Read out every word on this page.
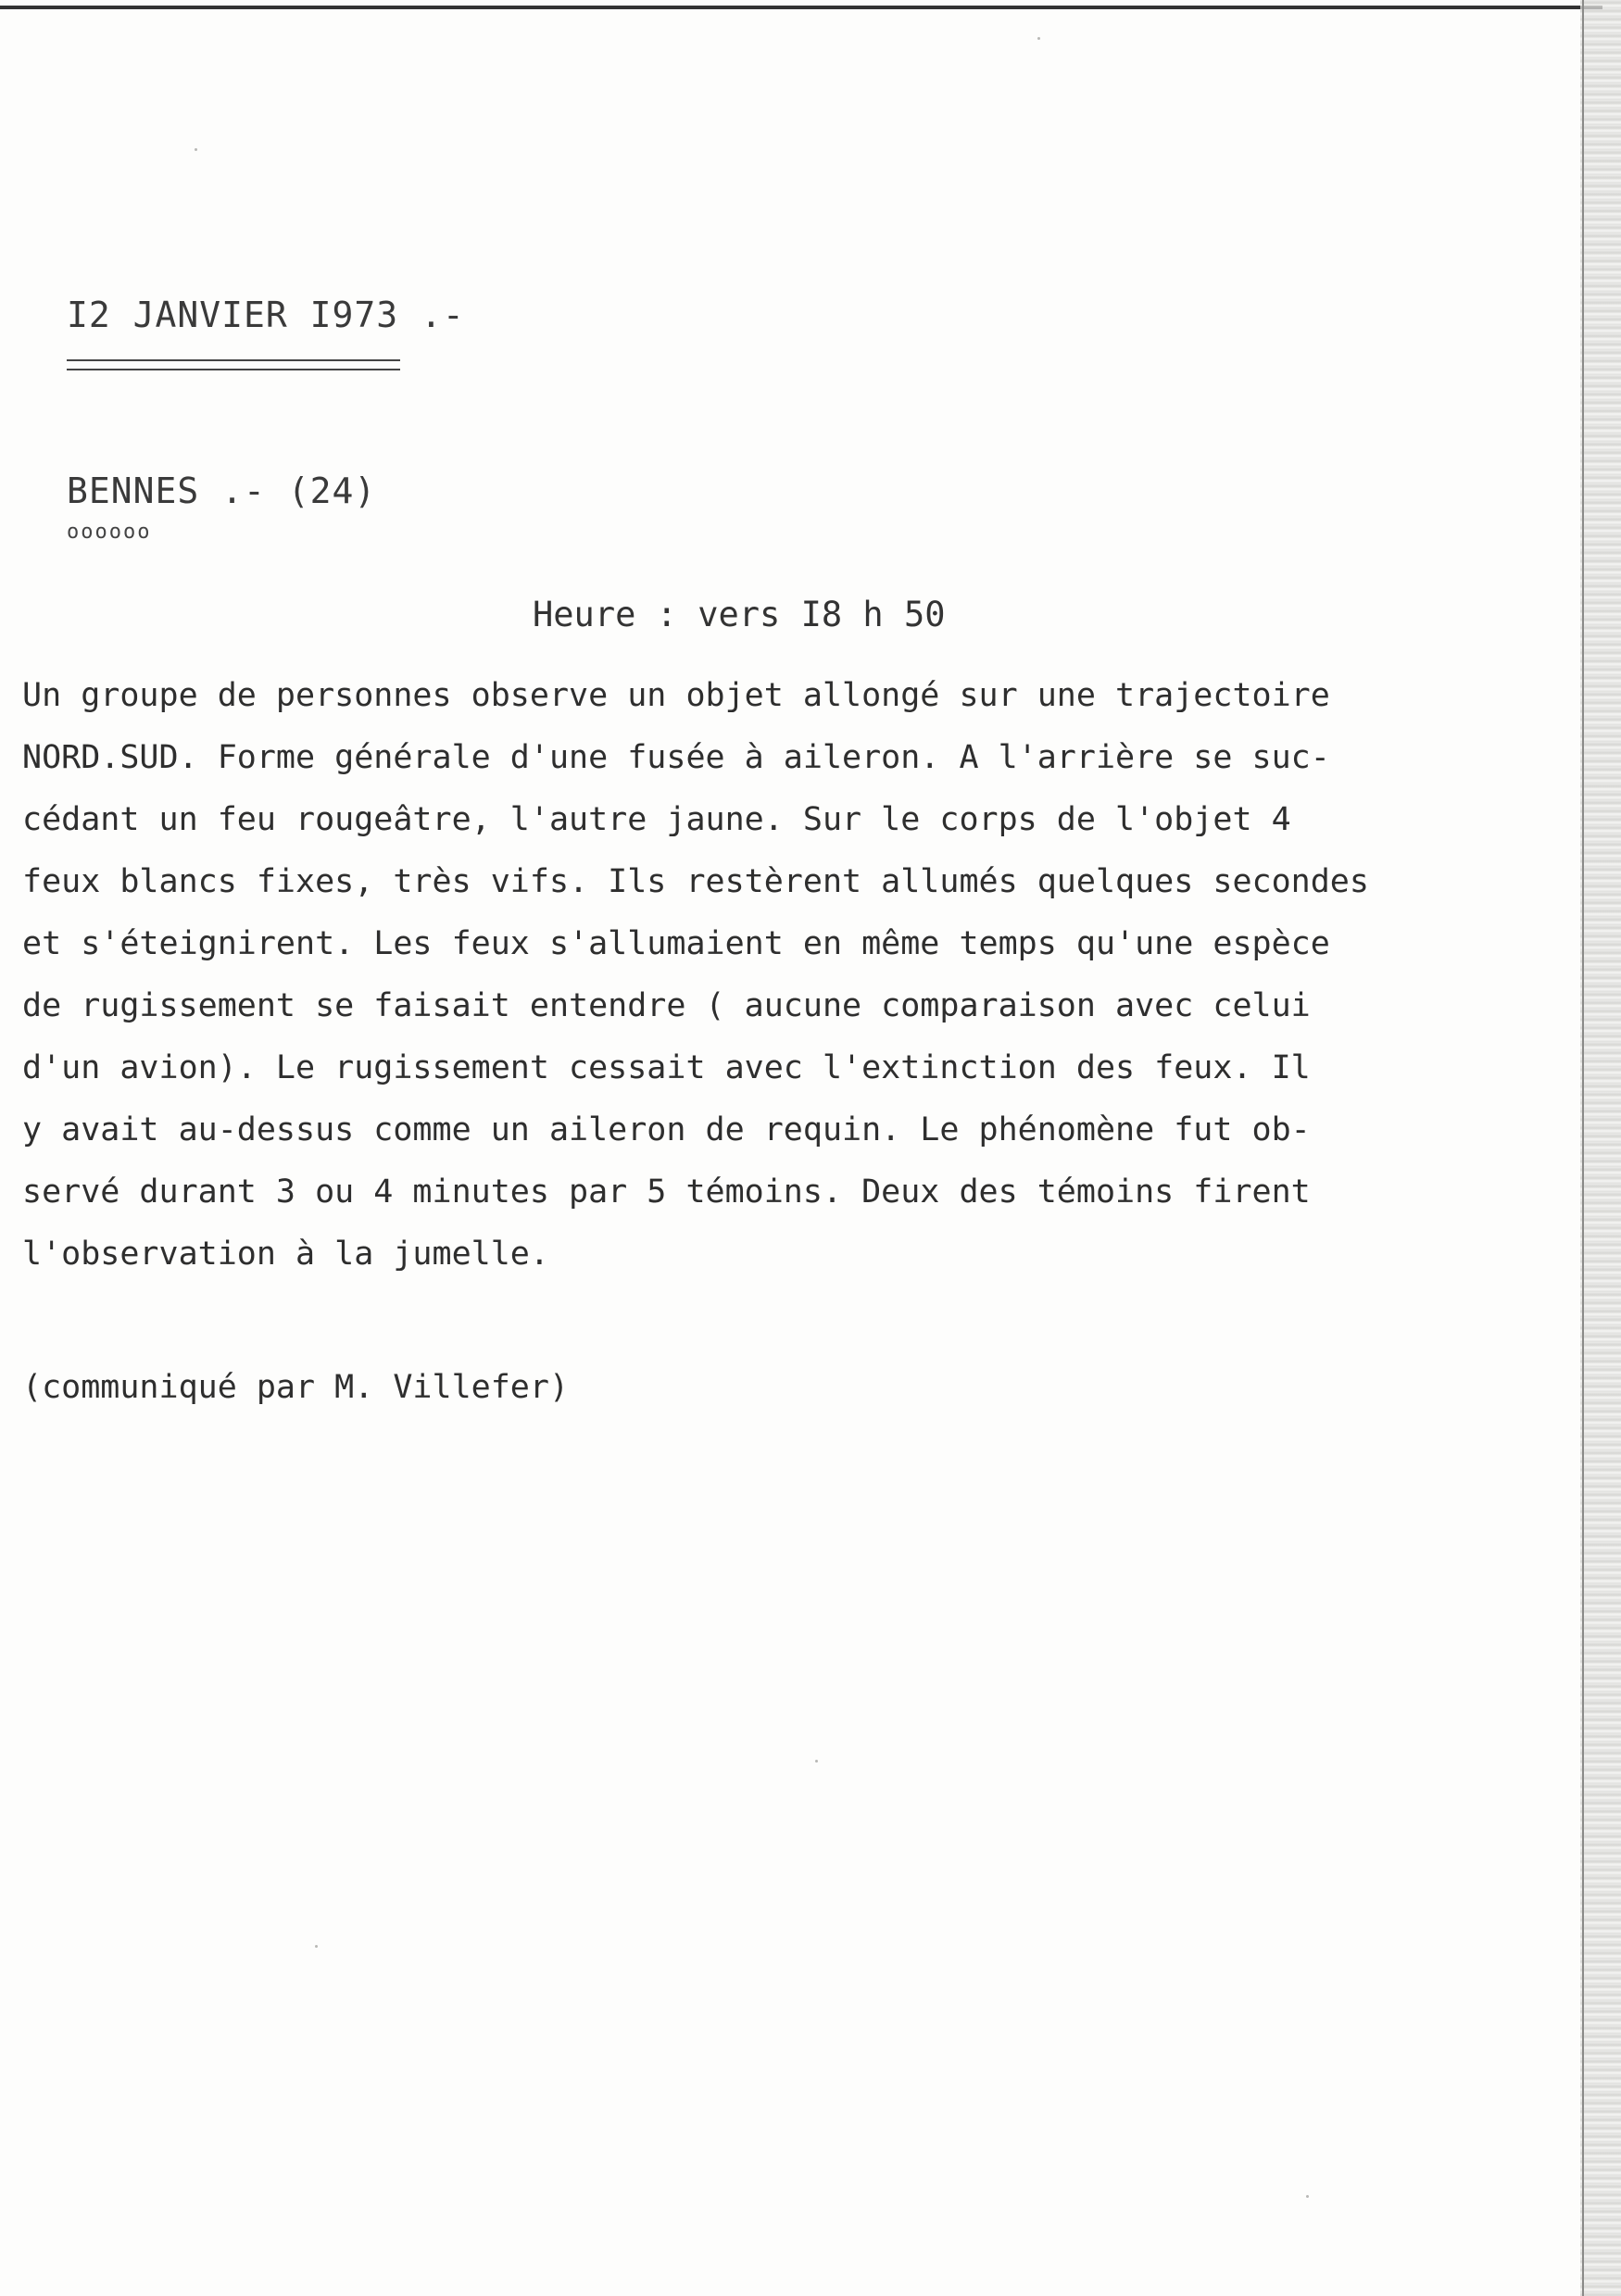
I2 JANVIER I973 .-
BENNES .- (24)
oooooo
Heure : vers I8 h 50
Un groupe de personnes observe un objet allongé sur une trajectoire
NORD.SUD. Forme générale d'une fusée à aileron. A l'arrière se suc-
cédant un feu rougeâtre, l'autre jaune. Sur le corps de l'objet 4
feux blancs fixes, très vifs. Ils restèrent allumés quelques secondes
et s'éteignirent. Les feux s'allumaient en même temps qu'une espèce
de rugissement se faisait entendre ( aucune comparaison avec celui
d'un avion). Le rugissement cessait avec l'extinction des feux. Il
y avait au-dessus comme un aileron de requin. Le phénomène fut ob-
servé durant 3 ou 4 minutes par 5 témoins. Deux des témoins firent
l'observation à la jumelle.
(communiqué par M. Villefer)
